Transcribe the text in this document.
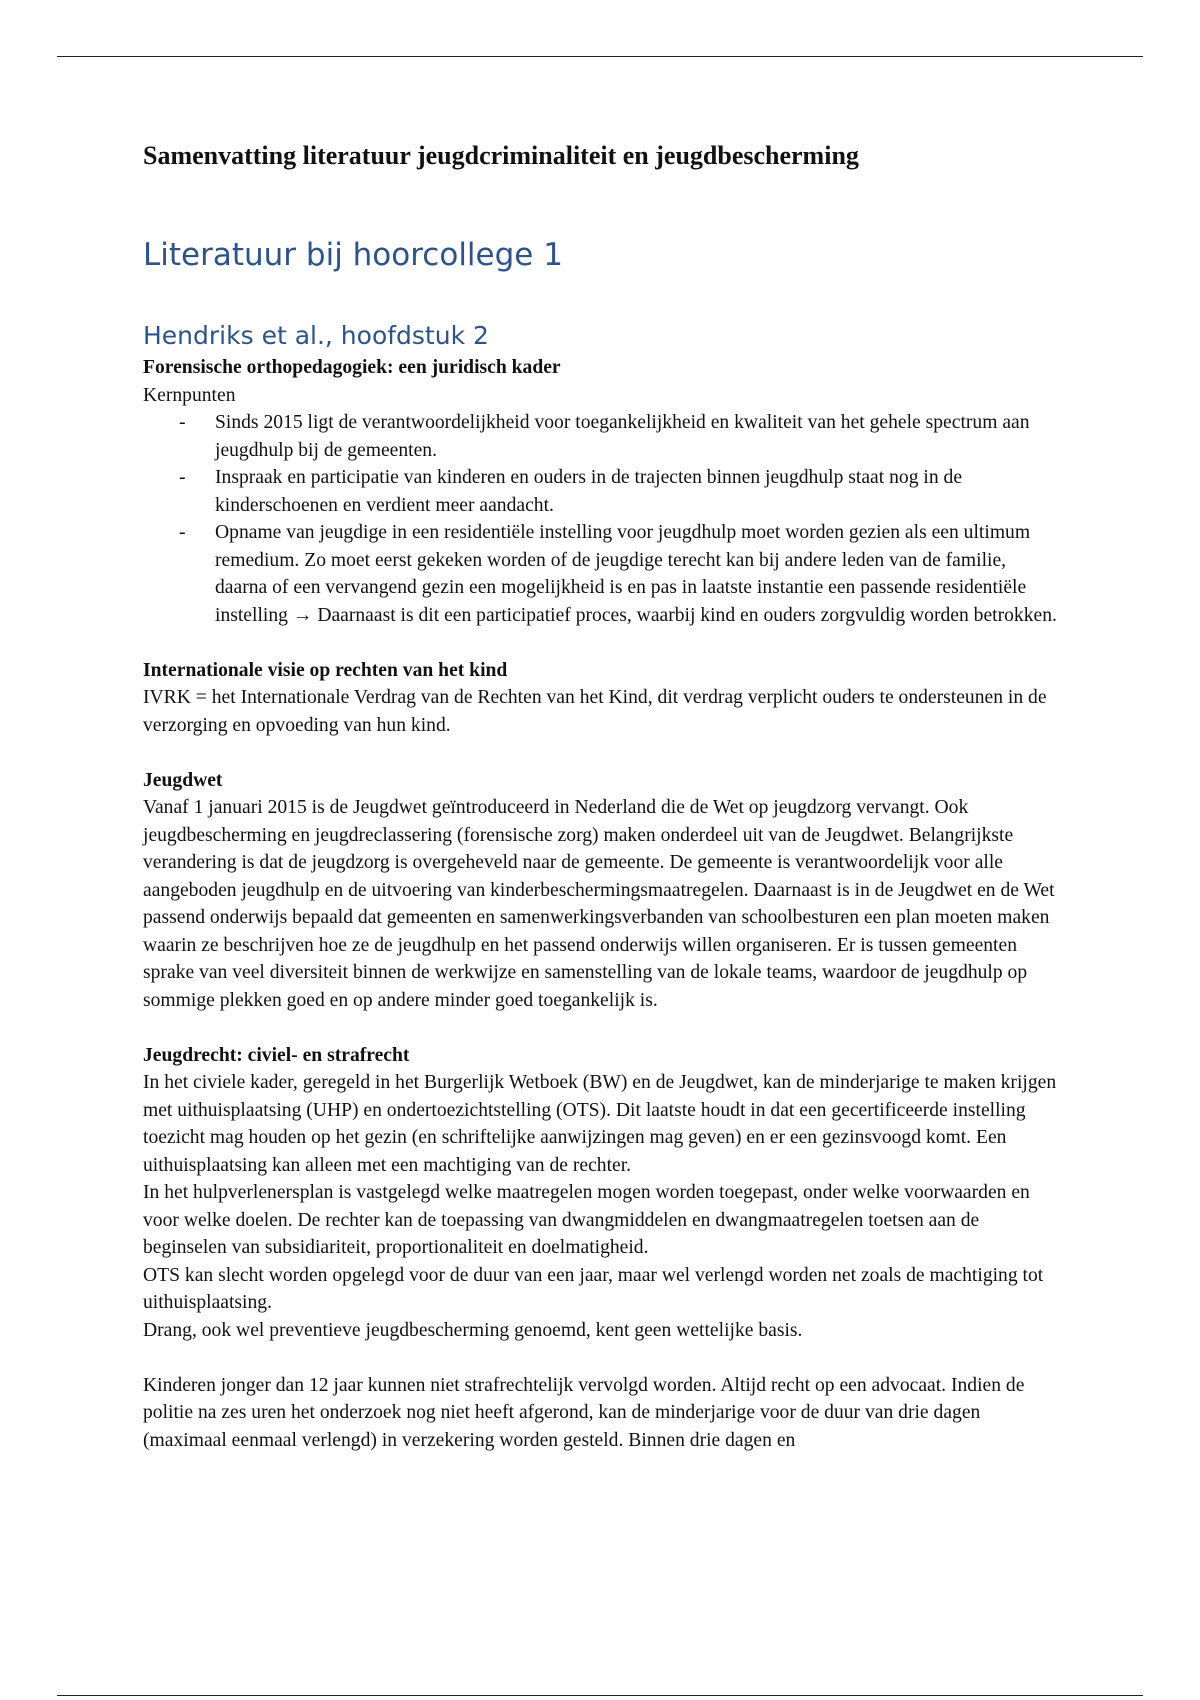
Samenvatting literatuur jeugdcriminaliteit en jeugdbescherming
Literatuur bij hoorcollege 1
Hendriks et al., hoofdstuk 2

Forensische orthopedagogiek: een juridisch kader

Kernpunten

- Sinds 2015 ligt de verantwoordelijkheid voor toegankelijkheid en kwaliteit van het gehele spectrum aan jeugdhulp bij de gemeenten.
- Inspraak en participatie van kinderen en ouders in de trajecten binnen jeugdhulp staat nog in de kinderschoenen en verdient meer aandacht.
- Opname van jeugdige in een residentiële instelling voor jeugdhulp moet worden gezien als een ultimum remedium. Zo moet eerst gekeken worden of de jeugdige terecht kan bij andere leden van de familie, daarna of een vervangend gezin een mogelijkheid is en pas in laatste instantie een passende residentiële instelling → Daarnaast is dit een participatief proces, waarbij kind en ouders zorgvuldig worden betrokken.

Internationale visie op rechten van het kind

IVRK = het Internationale Verdrag van de Rechten van het Kind, dit verdrag verplicht ouders te ondersteunen in de verzorging en opvoeding van hun kind.

Jeugdwet

Vanaf 1 januari 2015 is de Jeugdwet geïntroduceerd in Nederland die de Wet op jeugdzorg vervangt. Ook jeugdbescherming en jeugdreclassering (forensische zorg) maken onderdeel uit van de Jeugdwet. Belangrijkste verandering is dat de jeugdzorg is overgeheveld naar de gemeente. De gemeente is verantwoordelijk voor alle aangeboden jeugdhulp en de uitvoering van kinderbeschermingsmaatregelen. Daarnaast is in de Jeugdwet en de Wet passend onderwijs bepaald dat gemeenten en samenwerkingsverbanden van schoolbesturen een plan moeten maken waarin ze beschrijven hoe ze de jeugdhulp en het passend onderwijs willen organiseren. Er is tussen gemeenten sprake van veel diversiteit binnen de werkwijze en samenstelling van de lokale teams, waardoor de jeugdhulp op sommige plekken goed en op andere minder goed toegankelijk is.

Jeugdrecht: civiel- en strafrecht

In het civiele kader, geregeld in het Burgerlijk Wetboek (BW) en de Jeugdwet, kan de minderjarige te maken krijgen met uithuisplaatsing (UHP) en ondertoezichtstelling (OTS). Dit laatste houdt in dat een gecertificeerde instelling toezicht mag houden op het gezin (en schriftelijke aanwijzingen mag geven) en er een gezinsvoogd komt. Een uithuisplaatsing kan alleen met een machtiging van de rechter.

In het hulpverlenersplan is vastgelegd welke maatregelen mogen worden toegepast, onder welke voorwaarden en voor welke doelen. De rechter kan de toepassing van dwangmiddelen en dwangmaatregelen toetsen aan de beginselen van subsidiariteit, proportionaliteit en doelmatigheid.

OTS kan slecht worden opgelegd voor de duur van een jaar, maar wel verlengd worden net zoals de machtiging tot uithuisplaatsing.

Drang, ook wel preventieve jeugdbescherming genoemd, kent geen wettelijke basis.

Kinderen jonger dan 12 jaar kunnen niet strafrechtelijk vervolgd worden. Altijd recht op een advocaat. Indien de politie na zes uren het onderzoek nog niet heeft afgerond, kan de minderjarige voor de duur van drie dagen (maximaal eenmaal verlengd) in verzekering worden gesteld. Binnen drie dagen en
